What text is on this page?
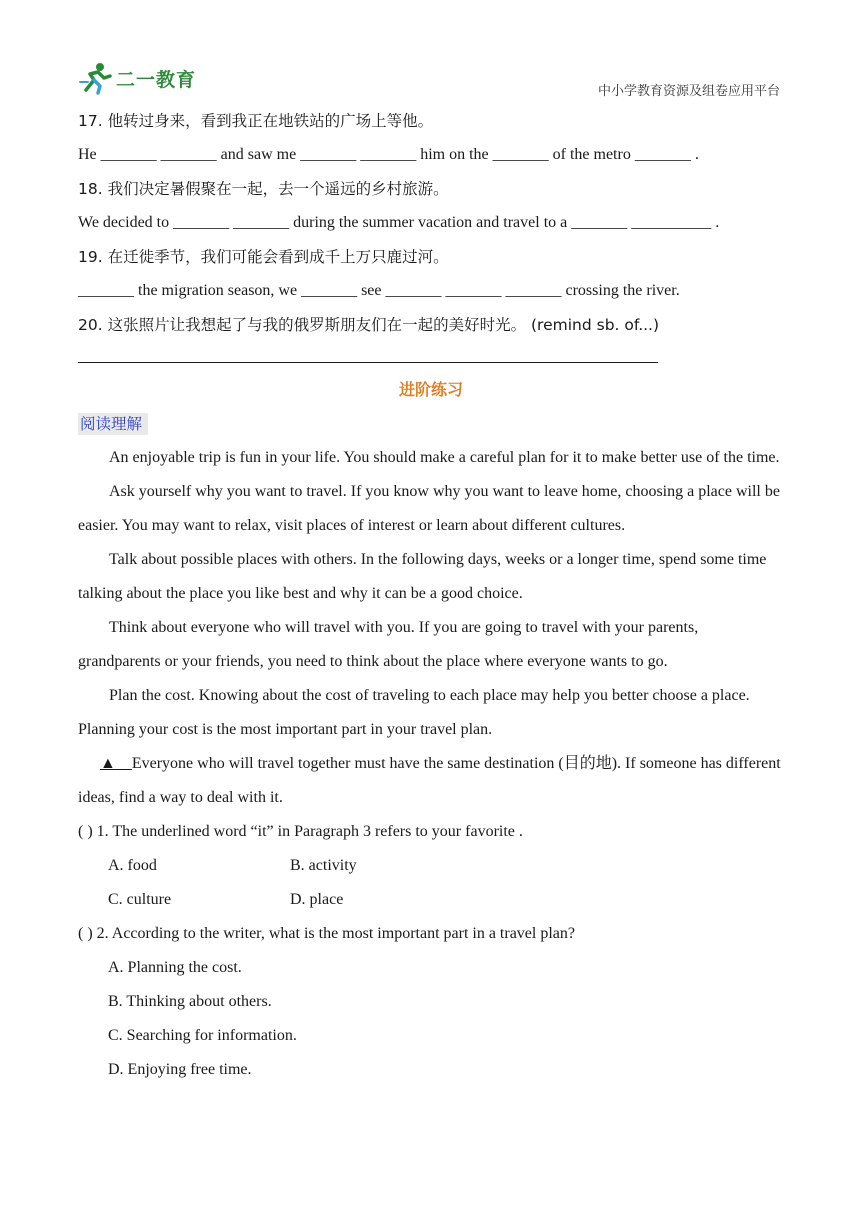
二一教育
中小学教育资源及组卷应用平台
17. 他转过身来，看到我正在地铁站的广场上等他。
He _______ _______ and saw me _______ _______ him on the _______ of the metro _______ .
18. 我们决定暑假聚在一起，去一个遥远的乡村旅游。
We decided to _______ _______ during the summer vacation and travel to a _______ __________ .
19. 在迁徙季节，我们可能会看到成千上万只鹿过河。
_______ the migration season, we _______ see _______ _______ _______ crossing the river.
20. 这张照片让我想起了与我的俄罗斯朋友们在一起的美好时光。 (remind sb. of...)
进阶练习
阅读理解
An enjoyable trip is fun in your life. You should make a careful plan for it to make better use of the time.
Ask yourself why you want to travel. If you know why you want to leave home, choosing a place will be easier. You may want to relax, visit places of interest or learn about different cultures.
Talk about possible places with others. In the following days, weeks or a longer time, spend some time talking about the place you like best and why it can be a good choice.
Think about everyone who will travel with you. If you are going to travel with your parents, grandparents or your friends, you need to think about the place where everyone wants to go.
Plan the cost. Knowing about the cost of traveling to each place may help you better choose a place. Planning your cost is the most important part in your travel plan.
▲ Everyone who will travel together must have the same destination (目的地). If someone has different ideas, find a way to deal with it.
( ) 1. The underlined word “it” in Paragraph 3 refers to your favorite .
A. food	B. activity
C. culture	D. place
( ) 2. According to the writer, what is the most important part in a travel plan?
A. Planning the cost.
B. Thinking about others.
C. Searching for information.
D. Enjoying free time.
